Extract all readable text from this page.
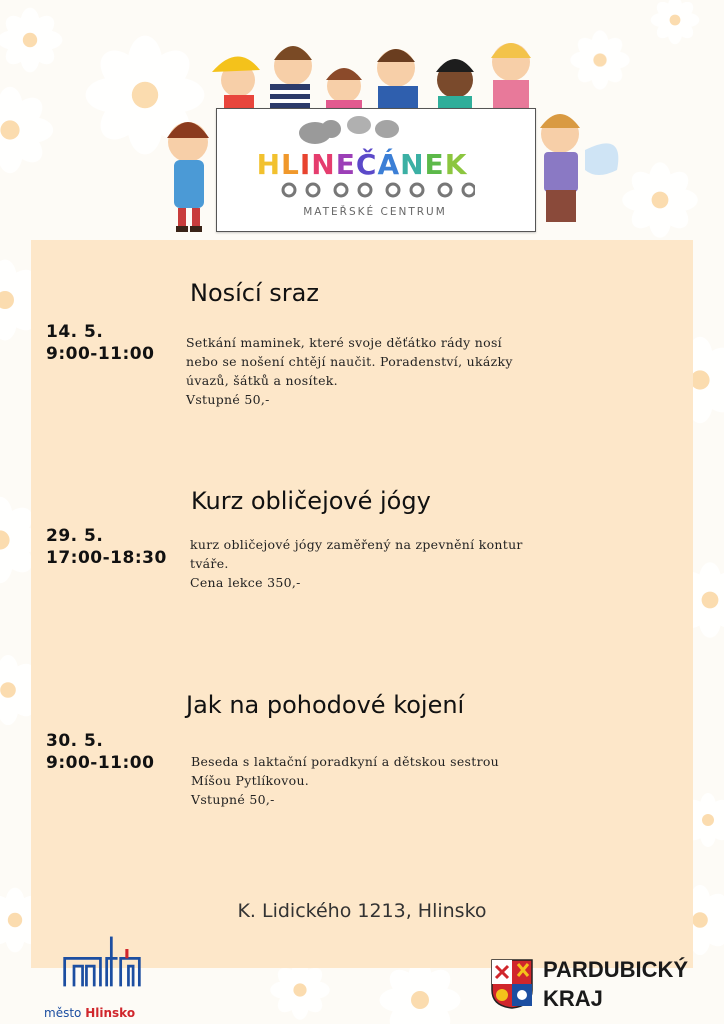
HLINEČÁNEK
MATEŘSKÉ CENTRUM
Nosící sraz
14. 5.
9:00-11:00
Setkání maminek, které svoje děťátko rády nosí
nebo se nošení chtějí naučit. Poradenství, ukázky
úvazů, šátků a nosítek.
Vstupné 50,-
Kurz obličejové jógy
29. 5.
17:00-18:30
kurz obličejové jógy zaměřený na zpevnění kontur
tváře.
Cena lekce 350,-
Jak na pohodové kojení
30. 5.
9:00-11:00	Beseda s laktační poradkyní a dětskou sestrou
Míšou Pytlíkovou.
Vstupné 50,-
K. Lidického 1213, Hlinsko
město Hlinsko
PARDUBICKÝ
KRAJ
